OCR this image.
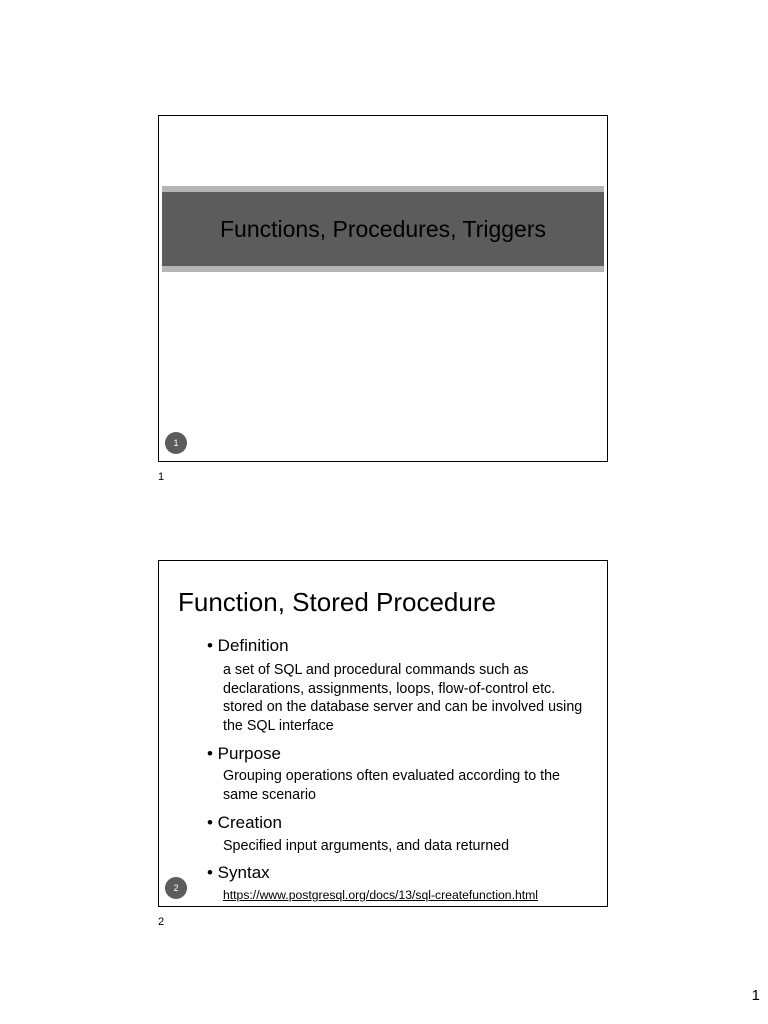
Functions, Procedures, Triggers
1
1
Function, Stored Procedure
• Definition
a set of SQL and procedural commands such as declarations, assignments, loops, flow-of-control etc. stored on the database server and can be involved using the SQL interface
• Purpose
Grouping operations often evaluated according to the same scenario
• Creation
Specified input arguments, and data returned
• Syntax
https://www.postgresql.org/docs/13/sql-createfunction.html
2
2
1
